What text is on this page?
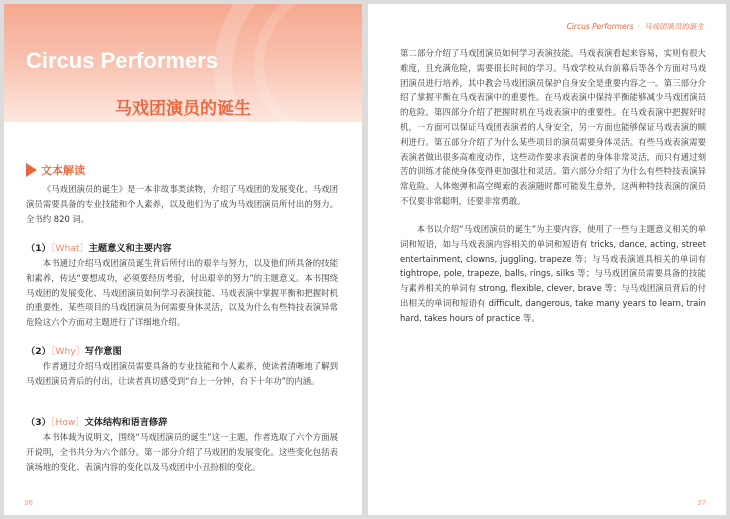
Circus Performers
马戏团演员的诞生
文本解读
《马戏团演员的诞生》是一本非故事类读物，介绍了马戏团的发展变化、马戏团演员需要具备的专业技能和个人素养，以及他们为了成为马戏团演员所付出的努力。全书约 820 词。
（1）［What］主题意义和主要内容
本书通过介绍马戏团演员诞生背后所付出的艰辛与努力，以及他们所具备的技能和素养，传达“要想成功，必须要经历考验，付出艰辛的努力”的主题意义。本书围绕马戏团的发展变化、马戏团演员如何学习表演技能、马戏表演中掌握平衡和把握时机的重要性、某些项目的马戏团演员为何需要身体灵活，以及为什么有些特技表演异常危险这六个方面对主题进行了详细地介绍。
（2）［Why］写作意图
作者通过介绍马戏团演员需要具备的专业技能和个人素养，使读者清晰地了解到马戏团演员背后的付出，让读者真切感受到“台上一分钟，台下十年功”的内涵。
（3）［How］文体结构和语言修辞
本书体裁为说明文，围绕“马戏团演员的诞生”这一主题，作者选取了六个方面展开说明，全书共分为六个部分。第一部分介绍了马戏团的发展变化。这些变化包括表演场地的变化、表演内容的变化以及马戏团中小丑扮相的变化。
36
Circus Performers · 马戏团演员的诞生
第二部分介绍了马戏团演员如何学习表演技能。马戏表演看起来容易，实则有很大难度，且充满危险，需要很长时间的学习。马戏学校从台前幕后等各个方面对马戏团演员进行培养，其中教会马戏团演员保护自身安全是重要内容之一。第三部分介绍了掌握平衡在马戏表演中的重要性。在马戏表演中保持平衡能够减少马戏团演员的危险。第四部分介绍了把握时机在马戏表演中的重要性。在马戏表演中把握好时机，一方面可以保证马戏团表演者的人身安全，另一方面也能够保证马戏表演的顺利进行。第五部分介绍了为什么某些项目的演员需要身体灵活。有些马戏表演需要表演者做出很多高难度动作，这些动作要求表演者的身体非常灵活，而只有通过刻苦的训练才能使身体变得更加强壮和灵活。第六部分介绍了为什么有些特技表演异常危险。人体炮弹和高空绳索的表演随时都可能发生意外，这两种特技表演的演员不仅要非常聪明，还要非常勇敢。
本书以介绍“马戏团演员的诞生”为主要内容，使用了一些与主题意义相关的单词和短语，如与马戏表演内容相关的单词和短语有 tricks, dance, acting, street entertainment, clowns, juggling, trapeze 等；与马戏表演道具相关的单词有 tightrope, pole, trapeze, balls, rings, silks 等；与马戏团演员需要具备的技能与素养相关的单词有 strong, flexible, clever, brave 等；与马戏团演员背后的付出相关的单词和短语有 difficult, dangerous, take many years to learn, train hard, takes hours of practice 等。
37
